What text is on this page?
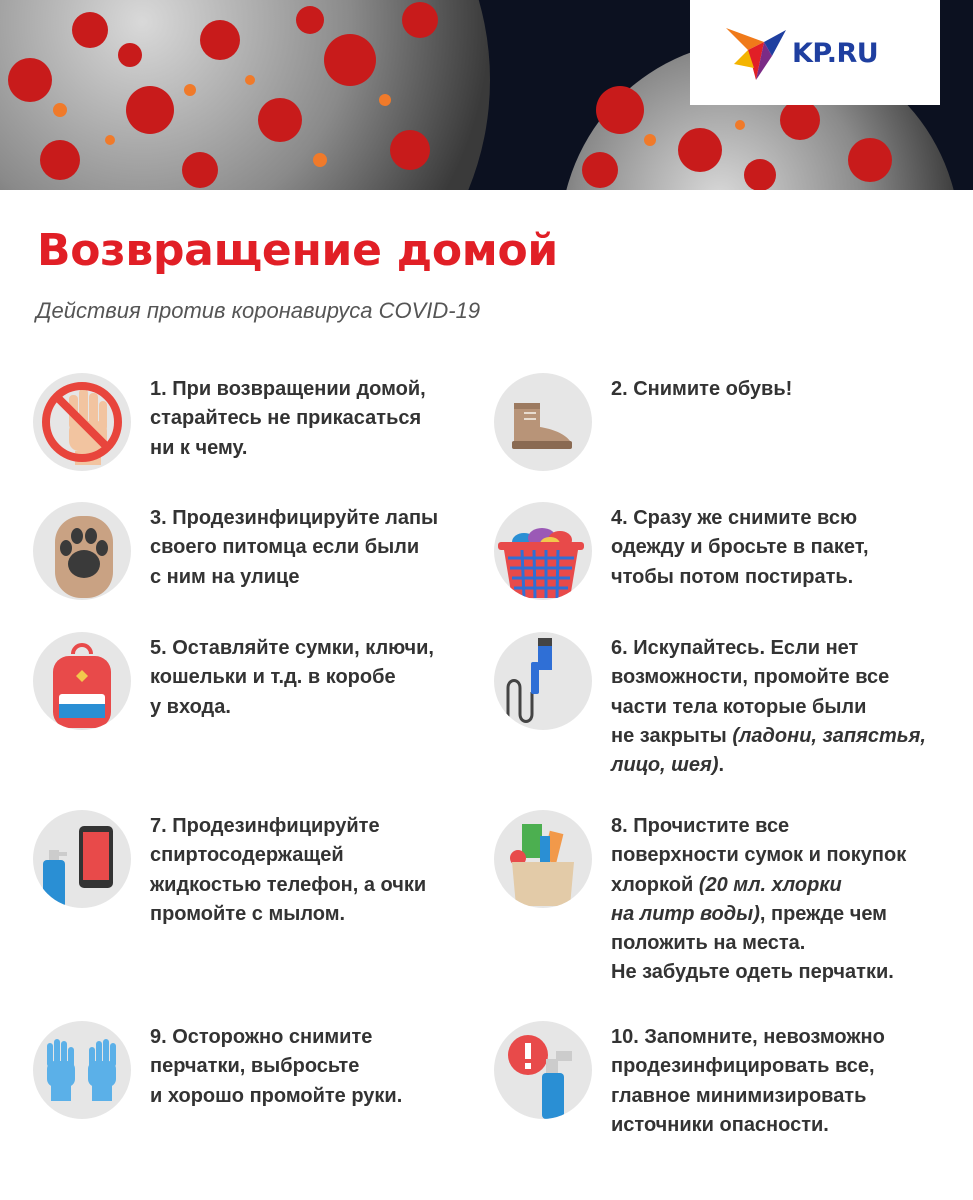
KP.RU
Возвращение домой
Действия против коронавируса COVID-19
1. При возвращении домой,
старайтесь не прикасаться
ни к чему.
2. Снимите обувь!
3. Продезинфицируйте лапы
своего питомца если были
с ним на улице
4. Сразу же снимите всю
одежду и бросьте в пакет,
чтобы потом постирать.
5. Оставляйте сумки, ключи,
кошельки и т.д. в коробе
у входа.
6. Искупайтесь. Если нет
возможности, промойте все
части тела которые были
не закрыты (ладони, запястья,
лицо, шея).
7. Продезинфицируйте
спиртосодержащей
жидкостью телефон, а очки
промойте с мылом.
8. Прочистите все
поверхности сумок и покупок
хлоркой (20 мл. хлорки
на литр воды), прежде чем
положить на места.
Не забудьте одеть перчатки.
9. Осторожно снимите
перчатки, выбросьте
и хорошо промойте руки.
10. Запомните, невозможно
продезинфицировать все,
главное минимизировать
источники опасности.
